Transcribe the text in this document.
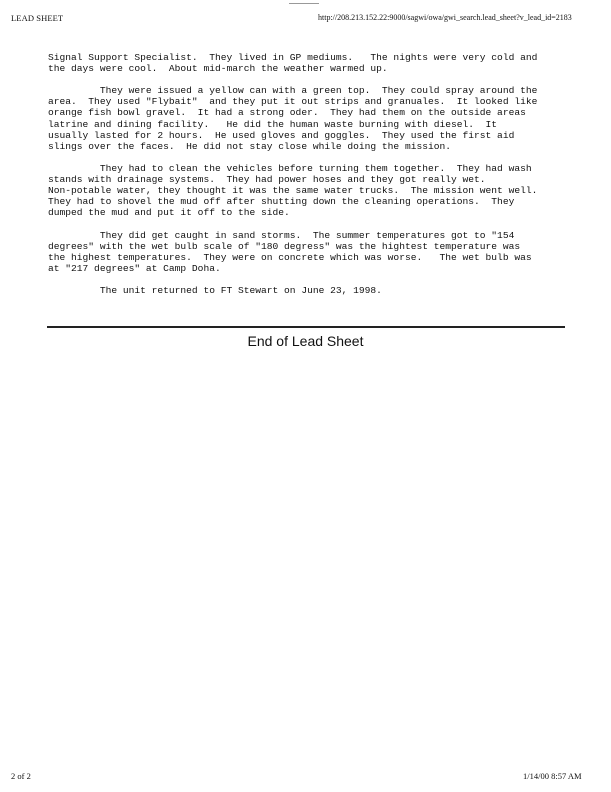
LEAD SHEET	http://208.213.152.22:9000/sagwi/owa/gwi_search.lead_sheet?v_lead_id=2183

Signal Support Specialist.  They lived in GP mediums.   The nights were very cold and
the days were cool.  About mid-march the weather warmed up.

They were issued a yellow can with a green top.  They could spray around the
area.  They used "Flybait"  and they put it out strips and granuales.  It looked like
orange fish bowl gravel.  It had a strong oder.  They had them on the outside areas
latrine and dining facility.   He did the human waste burning with diesel.  It
usually lasted for 2 hours.  He used gloves and goggles.  They used the first aid
slings over the faces.  He did not stay close while doing the mission.

They had to clean the vehicles before turning them together.  They had wash
stands with drainage systems.  They had power hoses and they got really wet.
Non-potable water, they thought it was the same water trucks.  The mission went well.
They had to shovel the mud off after shutting down the cleaning operations.  They
dumped the mud and put it off to the side.

They did get caught in sand storms.  The summer temperatures got to "154
degrees" with the wet bulb scale of "180 degress" was the hightest temperature was
the highest temperatures.  They were on concrete which was worse.   The wet bulb was
at "217 degrees" at Camp Doha.

The unit returned to FT Stewart on June 23, 1998.

End of Lead Sheet
2 of 2	1/14/00 8:57 AM
